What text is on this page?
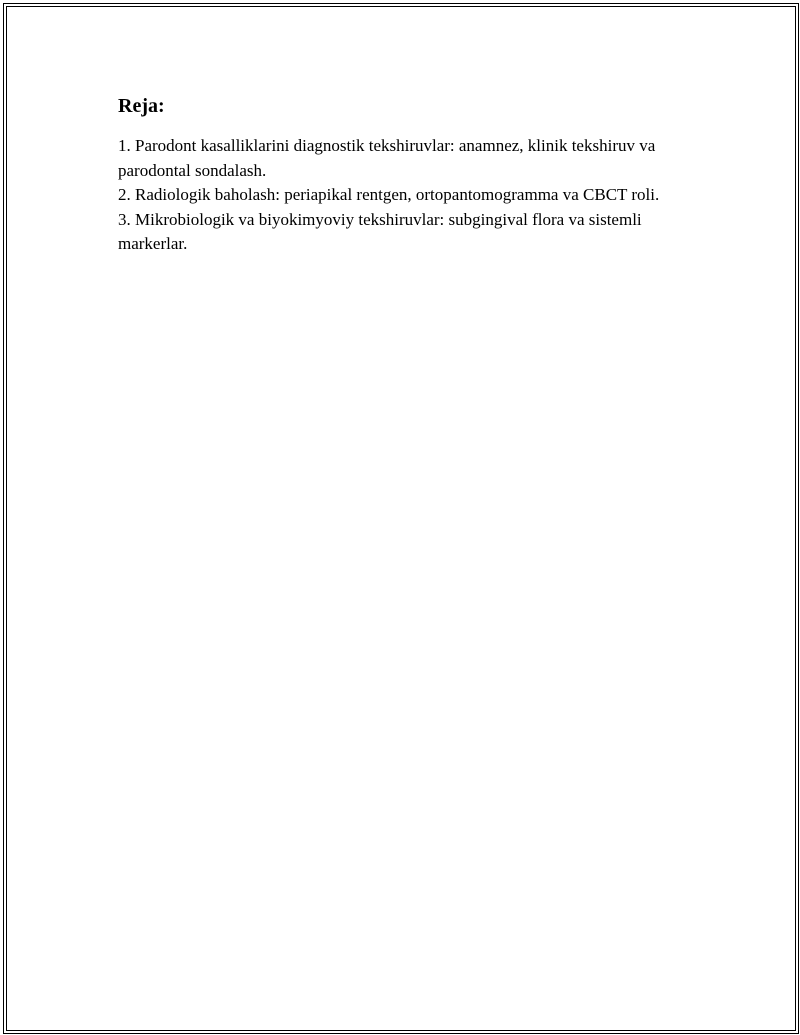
Reja:
1. Parodont kasalliklarini diagnostik tekshiruvlar: anamnez, klinik tekshiruv va parodontal sondalash.
2. Radiologik baholash: periapikal rentgen, ortopantomogramma va CBCT roli.
3. Mikrobiologik va biyokimyoviy tekshiruvlar: subgingival flora va sistemli markerlar.
